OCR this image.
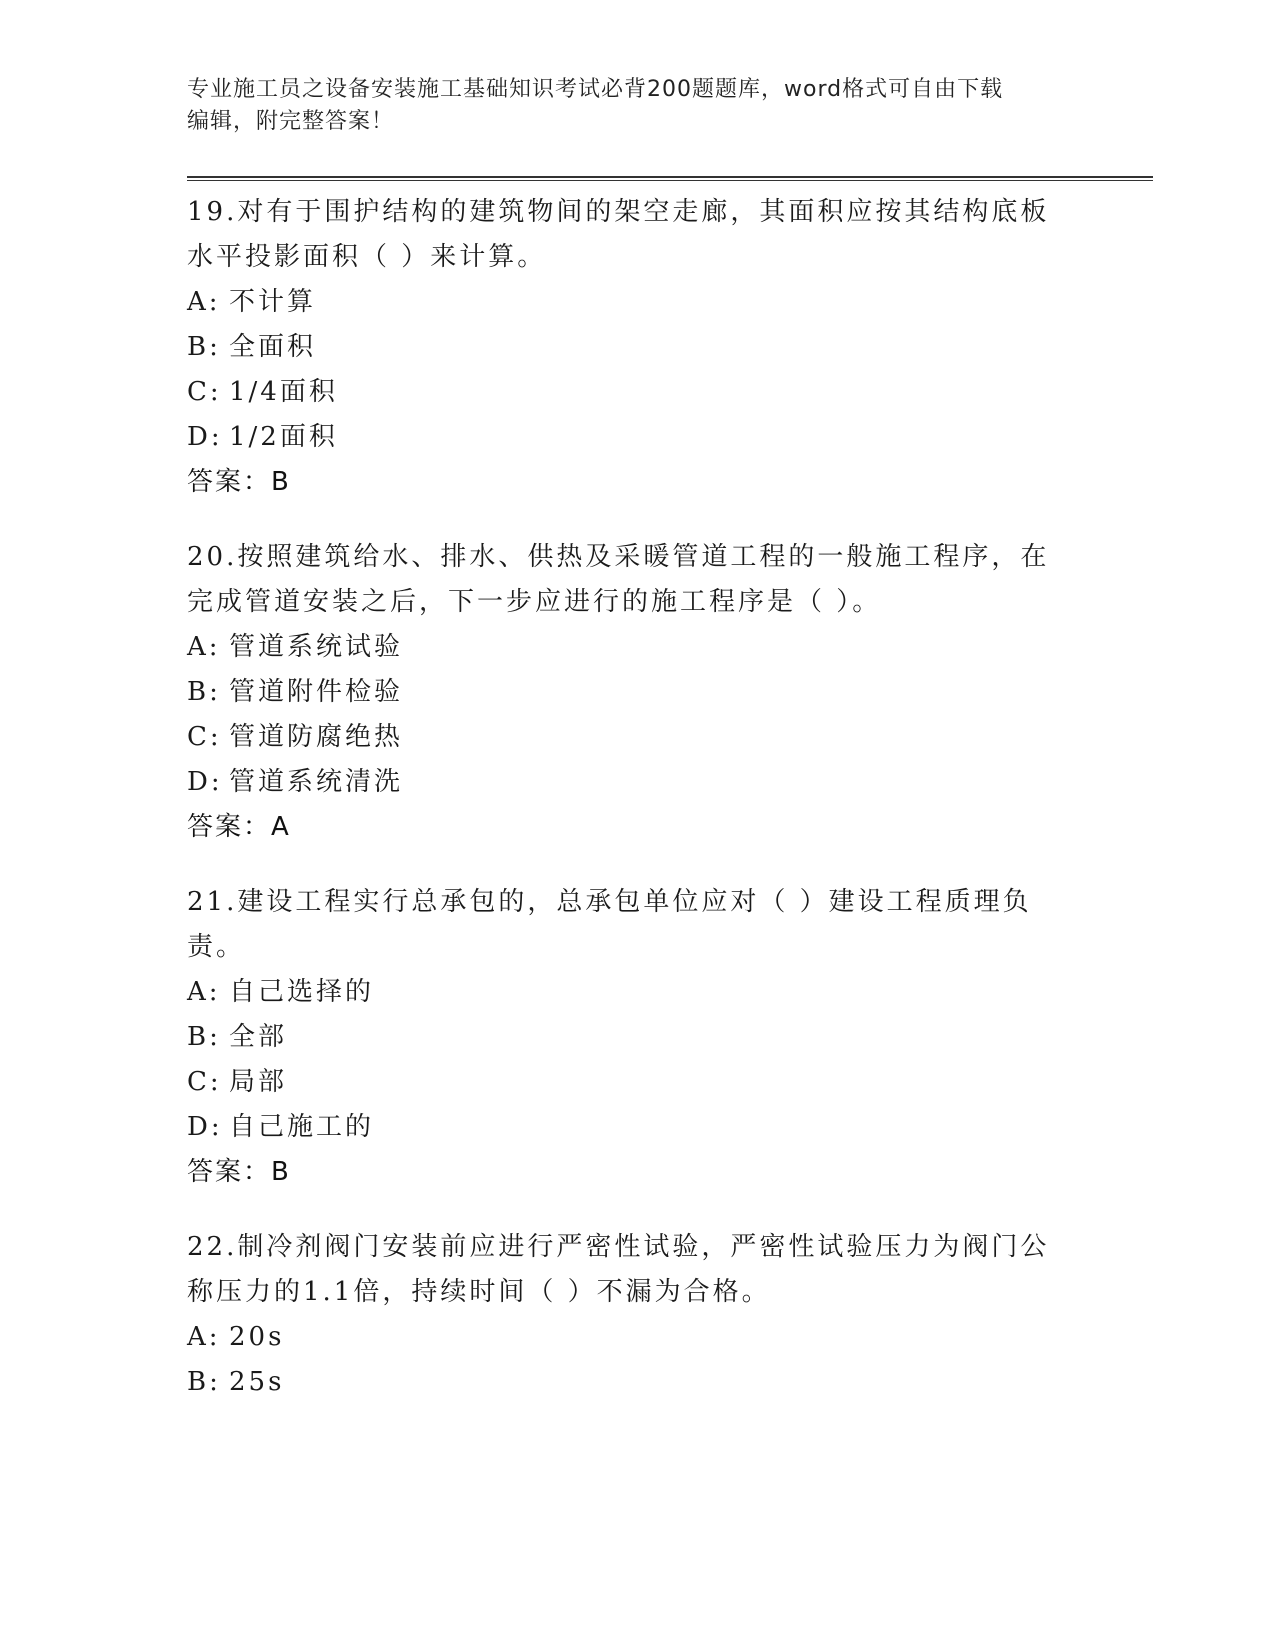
专业施工员之设备安装施工基础知识考试必背200题题库，word格式可自由下载
编辑，附完整答案！

19.对有于围护结构的建筑物间的架空走廊，其面积应按其结构底板水平投影面积（ ）来计算。

A: 不计算
B: 全面积
C: 1/4面积
D: 1/2面积
答案：B

20.按照建筑给水、排水、供热及采暖管道工程的一般施工程序，在完成管道安装之后，下一步应进行的施工程序是（ ）。

A: 管道系统试验
B: 管道附件检验
C: 管道防腐绝热
D: 管道系统清洗
答案：A

21.建设工程实行总承包的，总承包单位应对（ ）建设工程质理负责。

A: 自己选择的
B: 全部
C: 局部
D: 自己施工的
答案：B

22.制冷剂阀门安装前应进行严密性试验，严密性试验压力为阀门公称压力的1.1倍，持续时间（ ）不漏为合格。

A: 20s
B: 25s
